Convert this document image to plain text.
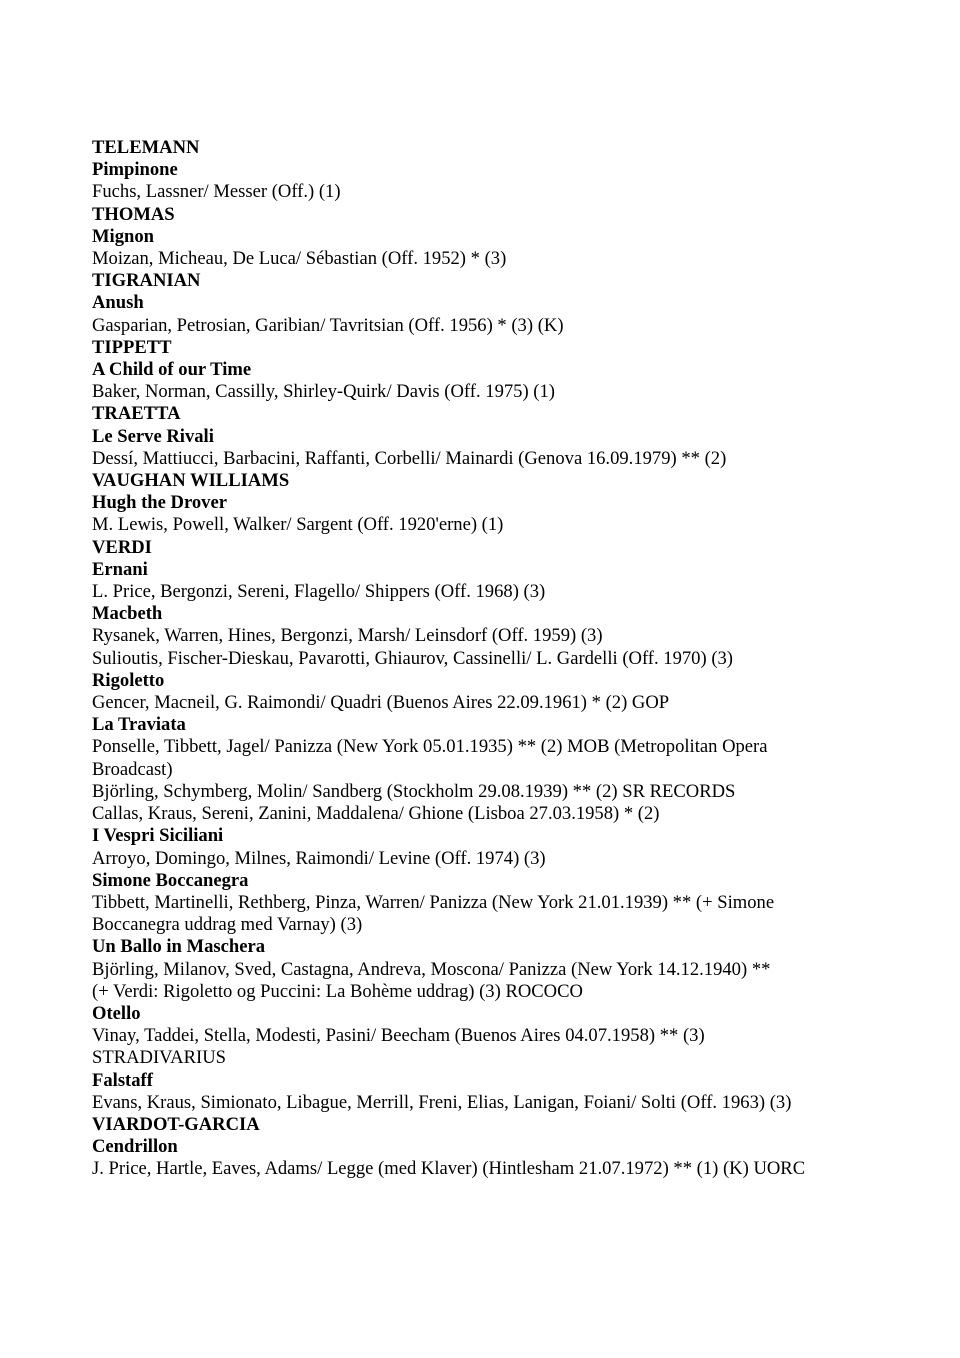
TELEMANN
Pimpinone
Fuchs, Lassner/ Messer (Off.) (1)
THOMAS
Mignon
Moizan, Micheau, De Luca/ Sébastian (Off. 1952) * (3)
TIGRANIAN
Anush
Gasparian, Petrosian, Garibian/ Tavritsian (Off. 1956) * (3) (K)
TIPPETT
A Child of our Time
Baker, Norman, Cassilly, Shirley-Quirk/ Davis (Off. 1975) (1)
TRAETTA
Le Serve Rivali
Dessí, Mattiucci, Barbacini, Raffanti, Corbelli/ Mainardi (Genova 16.09.1979) ** (2)
VAUGHAN WILLIAMS
Hugh the Drover
M. Lewis, Powell, Walker/ Sargent (Off. 1920'erne) (1)
VERDI
Ernani
L. Price, Bergonzi, Sereni, Flagello/ Shippers (Off. 1968) (3)
Macbeth
Rysanek, Warren, Hines, Bergonzi, Marsh/ Leinsdorf (Off. 1959) (3)
Sulioutis, Fischer-Dieskau, Pavarotti, Ghiaurov, Cassinelli/ L. Gardelli (Off. 1970) (3)
Rigoletto
Gencer, Macneil, G. Raimondi/ Quadri (Buenos Aires 22.09.1961) * (2) GOP
La Traviata
Ponselle, Tibbett, Jagel/ Panizza (New York 05.01.1935) ** (2) MOB (Metropolitan Opera
Broadcast)
Björling, Schymberg, Molin/ Sandberg (Stockholm 29.08.1939) ** (2) SR RECORDS
Callas, Kraus, Sereni, Zanini, Maddalena/ Ghione (Lisboa 27.03.1958) * (2)
I Vespri Siciliani
Arroyo, Domingo, Milnes, Raimondi/ Levine (Off. 1974) (3)
Simone Boccanegra
Tibbett, Martinelli, Rethberg, Pinza, Warren/ Panizza (New York 21.01.1939) ** (+ Simone
Boccanegra uddrag med Varnay) (3)
Un Ballo in Maschera
Björling, Milanov, Sved, Castagna, Andreva, Moscona/ Panizza (New York 14.12.1940) **
(+ Verdi: Rigoletto og Puccini: La Bohème uddrag) (3) ROCOCO
Otello
Vinay, Taddei, Stella, Modesti, Pasini/ Beecham (Buenos Aires 04.07.1958) ** (3)
STRADIVARIUS
Falstaff
Evans, Kraus, Simionato, Libague, Merrill, Freni, Elias, Lanigan, Foiani/ Solti (Off. 1963) (3)
VIARDOT-GARCIA
Cendrillon
J. Price, Hartle, Eaves, Adams/ Legge (med Klaver) (Hintlesham 21.07.1972) ** (1) (K) UORC
